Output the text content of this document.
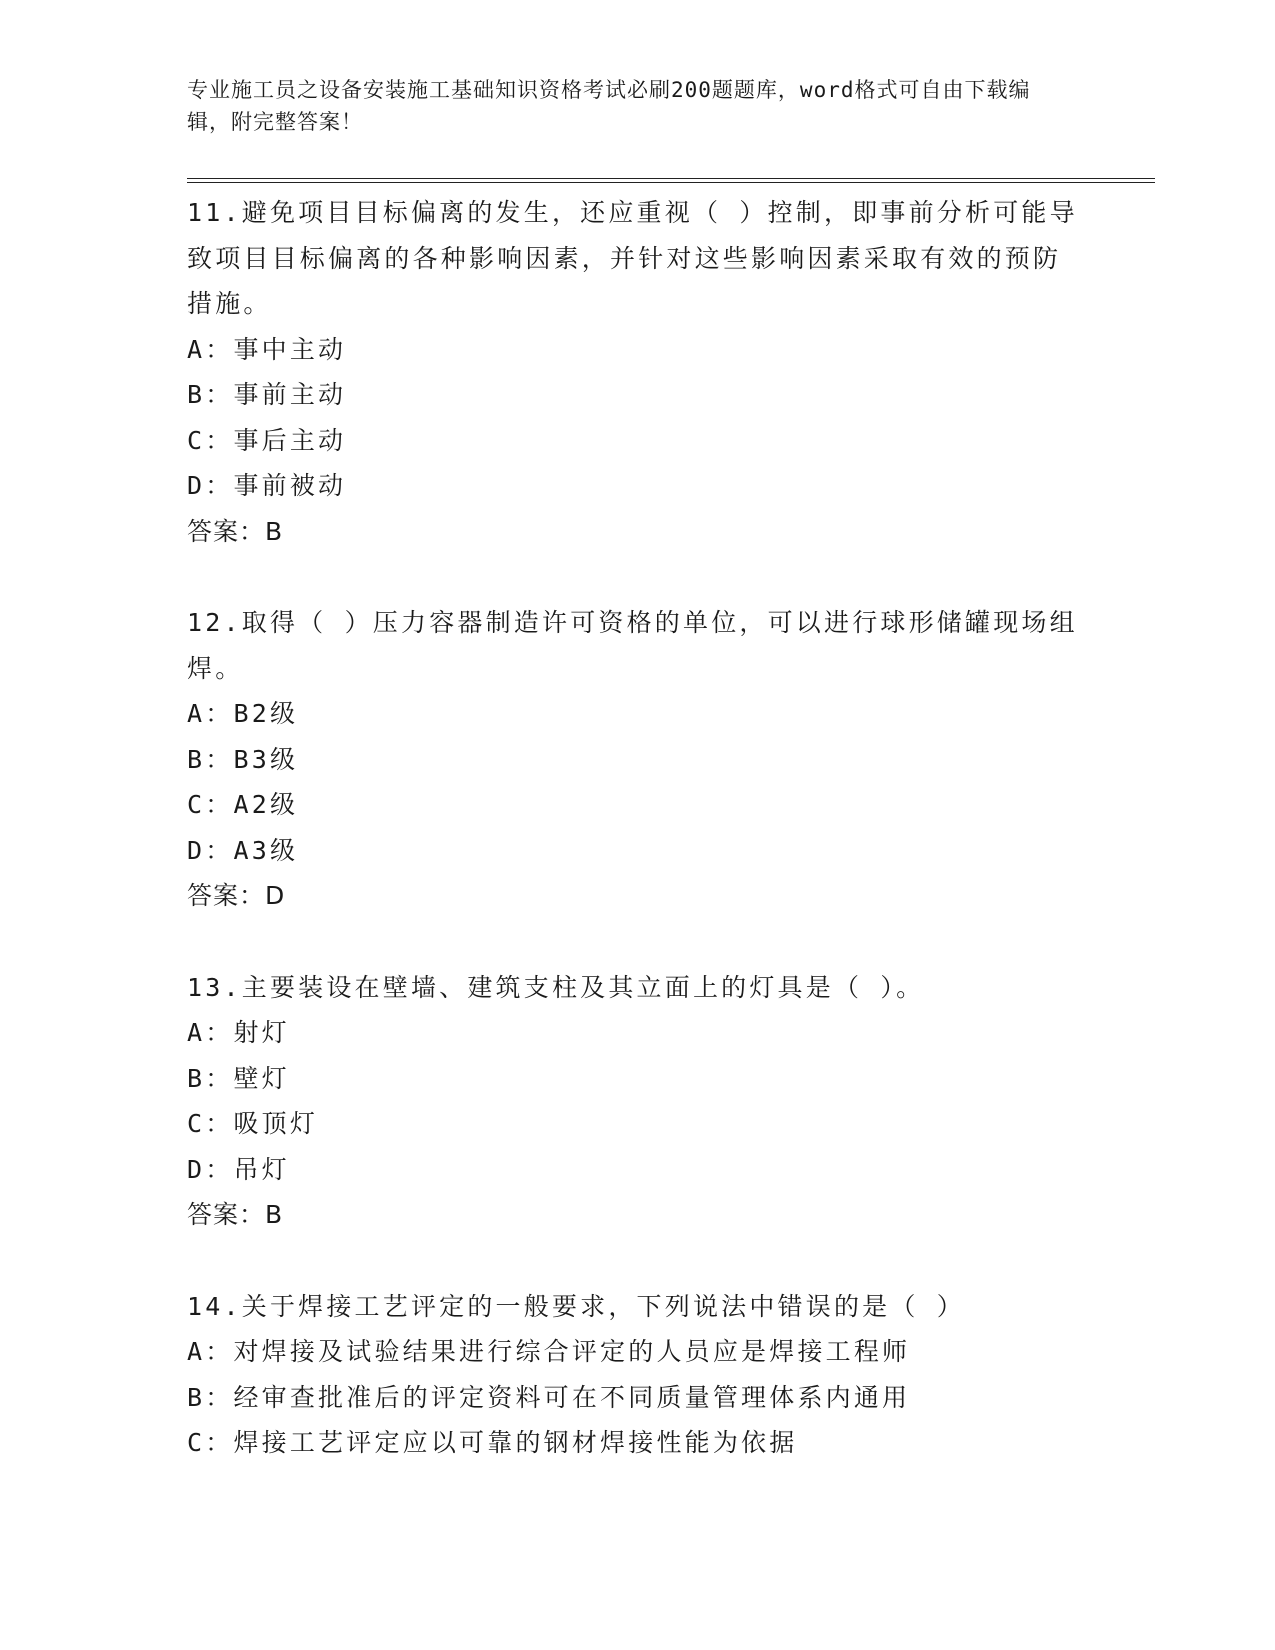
专业施工员之设备安装施工基础知识资格考试必刷200题题库，word格式可自由下载编辑，附完整答案！
11.避免项目目标偏离的发生，还应重视（ ）控制，即事前分析可能导致项目目标偏离的各种影响因素，并针对这些影响因素采取有效的预防措施。
A：事中主动
B：事前主动
C：事后主动
D：事前被动
答案：B
12.取得（ ）压力容器制造许可资格的单位，可以进行球形储罐现场组焊。
A：B2级
B：B3级
C：A2级
D：A3级
答案：D
13.主要装设在壁墙、建筑支柱及其立面上的灯具是（ ）。
A：射灯
B：壁灯
C：吸顶灯
D：吊灯
答案：B
14.关于焊接工艺评定的一般要求，下列说法中错误的是（ ）
A：对焊接及试验结果进行综合评定的人员应是焊接工程师
B：经审查批准后的评定资料可在不同质量管理体系内通用
C：焊接工艺评定应以可靠的钢材焊接性能为依据
